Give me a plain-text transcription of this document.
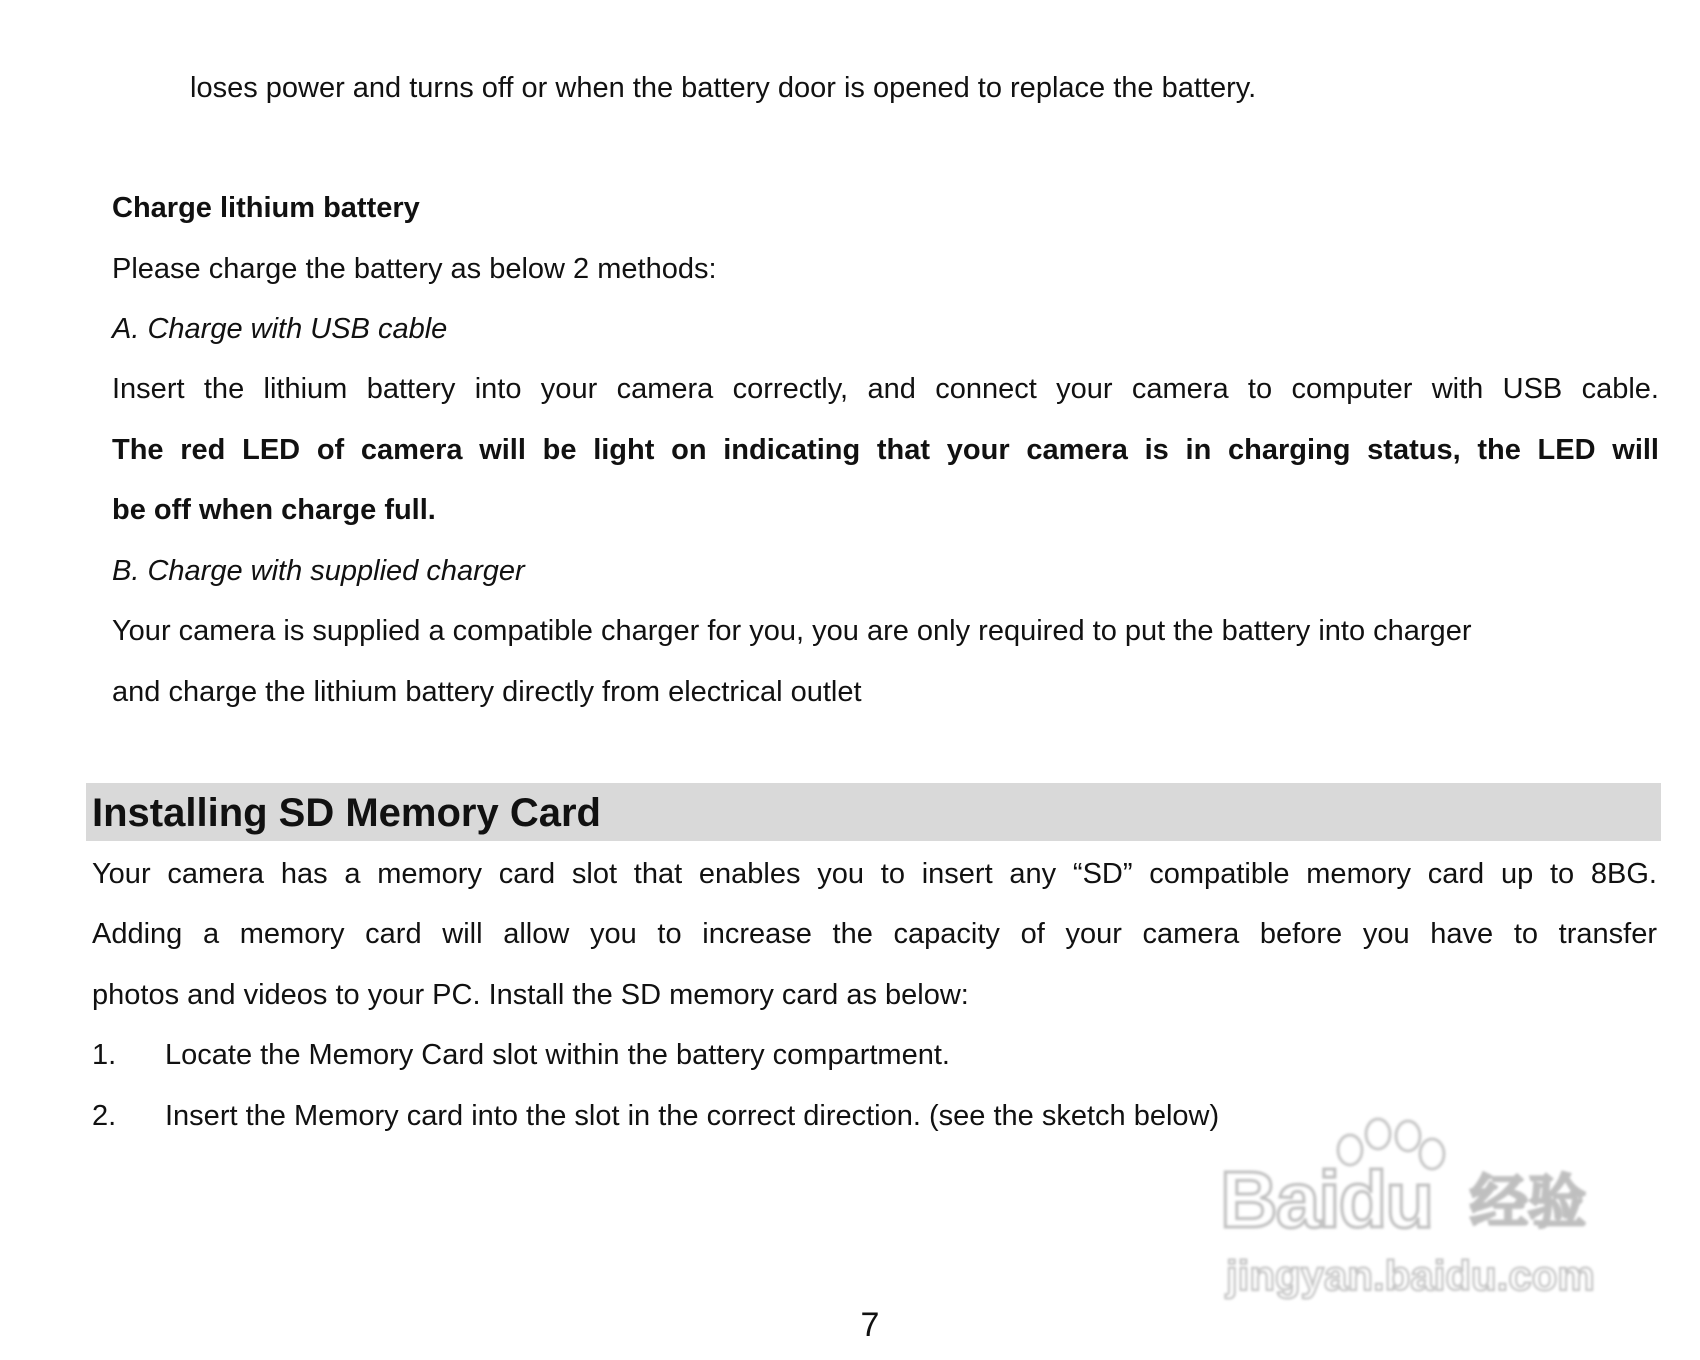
loses power and turns off or when the battery door is opened to replace the battery.
Charge lithium battery
Please charge the battery as below 2 methods:
A. Charge with USB cable
Insert the lithium battery into your camera correctly, and connect your camera to computer with USB cable.
The red LED of camera will be light on indicating that your camera is in charging status, the LED will
be off when charge full.
B. Charge with supplied charger
Your camera is supplied a compatible charger for you, you are only required to put the battery into charger
and charge the lithium battery directly from electrical outlet
Installing SD Memory Card
Your camera has a memory card slot that enables you to insert any “SD” compatible memory card up to 8BG.
Adding a memory card will allow you to increase the capacity of your camera before you have to transfer
photos and videos to your PC. Install the SD memory card as below:
1. Locate the Memory Card slot within the battery compartment.
2. Insert the Memory card into the slot in the correct direction. (see the sketch below)
Baidu 经验
jingyan.baidu.com
7
